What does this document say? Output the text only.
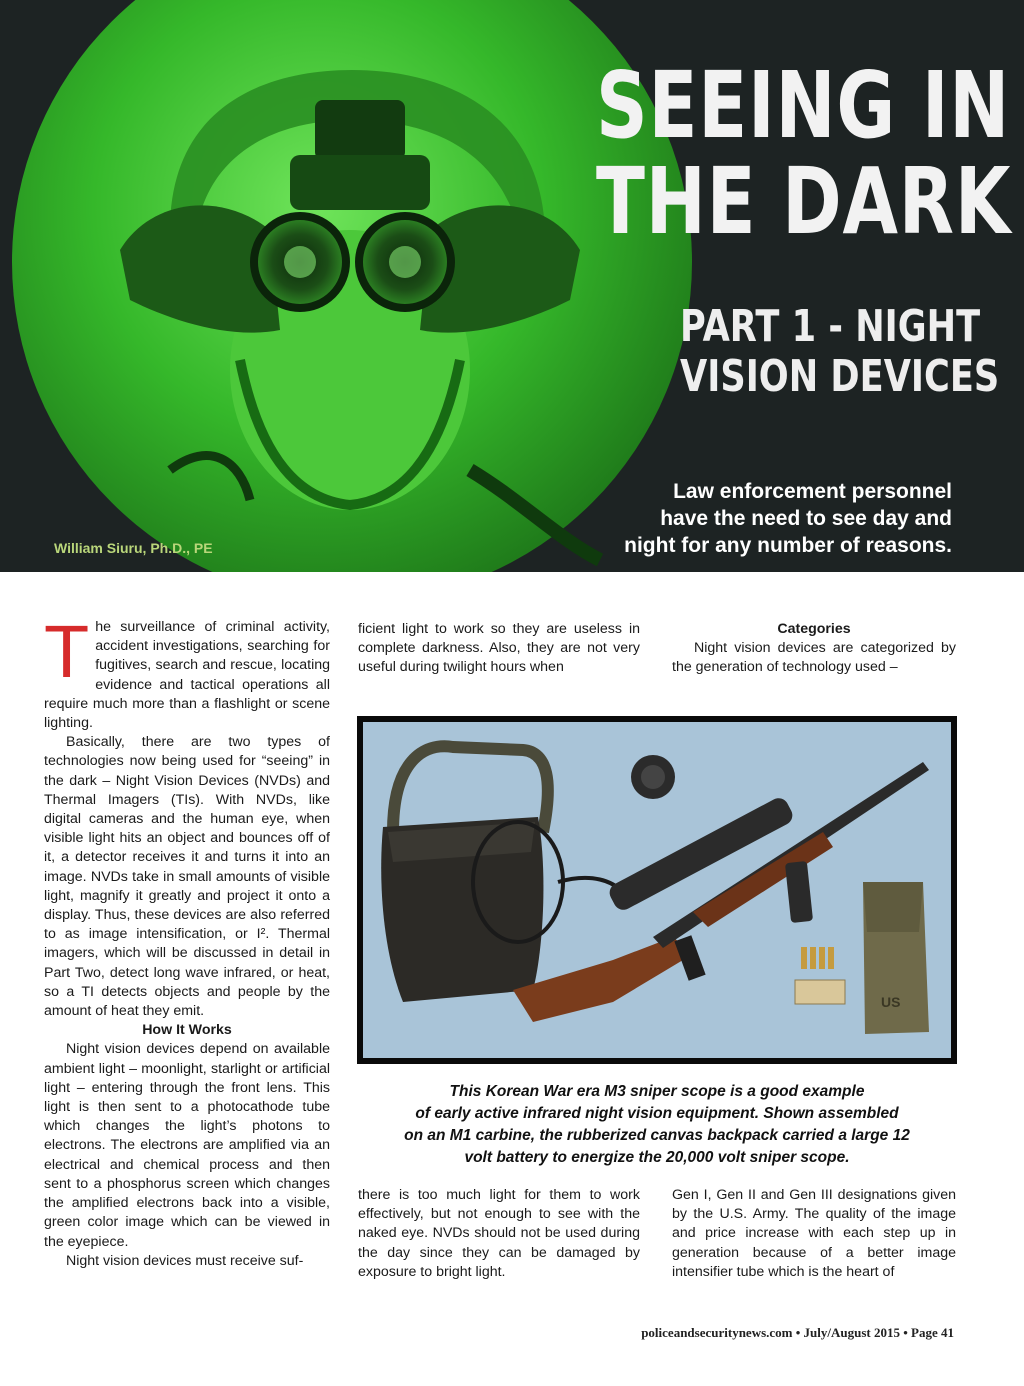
SEEING IN
THE DARK
PART 1 - NIGHT
VISION DEVICES
Law enforcement personnel
have the need to see day and
night for any number of reasons.
William Siuru, Ph.D., PE

The surveillance of criminal activity, accident investigations, searching for fugitives, search and rescue, locating evidence and tactical operations all require much more than a flashlight or scene lighting.

Basically, there are two types of technologies now being used for “seeing” in the dark – Night Vision Devices (NVDs) and Thermal Imagers (TIs). With NVDs, like digital cameras and the human eye, when visible light hits an object and bounces off of it, a detector receives it and turns it into an image. NVDs take in small amounts of visible light, magnify it greatly and project it onto a display. Thus, these devices are also referred to as image intensification, or I². Thermal imagers, which will be discussed in detail in Part Two, detect long wave infrared, or heat, so a TI detects objects and people by the amount of heat they emit.

How It Works

Night vision devices depend on available ambient light – moonlight, starlight or artificial light – entering through the front lens. This light is then sent to a photocathode tube which changes the light’s photons to electrons. The electrons are amplified via an electrical and chemical process and then sent to a phosphorus screen which changes the amplified electrons back into a visible, green color image which can be viewed in the eyepiece.

Night vision devices must receive suf-

ficient light to work so they are useless in complete darkness. Also, they are not very useful during twilight hours when

Categories

Night vision devices are categorized by the generation of technology used –

US
This Korean War era M3 sniper scope is a good example
of early active infrared night vision equipment. Shown assembled
on an M1 carbine, the rubberized canvas backpack carried a large 12
volt battery to energize the 20,000 volt sniper scope.

there is too much light for them to work effectively, but not enough to see with the naked eye. NVDs should not be used during the day since they can be damaged by exposure to bright light.

Gen I, Gen II and Gen III designations given by the U.S. Army. The quality of the image and price increase with each step up in generation because of a better image intensifier tube which is the heart of

policeandsecuritynews.com • July/August 2015 • Page 41
